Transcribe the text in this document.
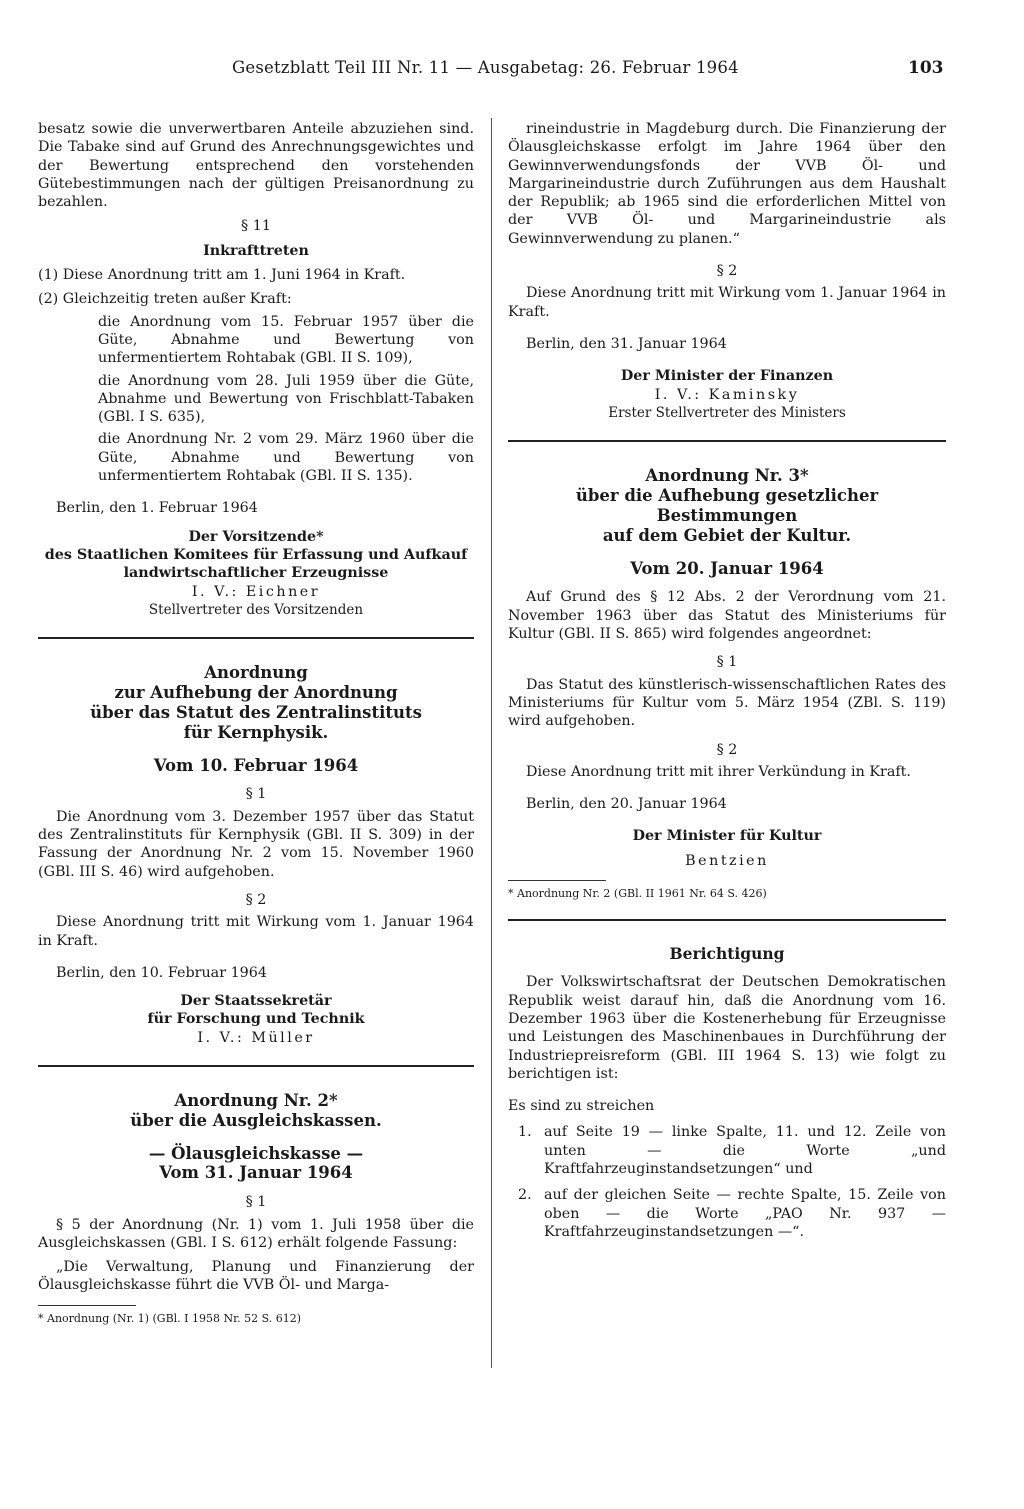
Gesetzblatt Teil III Nr. 11 — Ausgabetag: 26. Februar 1964	103

besatz sowie die unverwertbaren Anteile abzuziehen sind. Die Tabake sind auf Grund des Anrechnungsgewichtes und der Bewertung entsprechend den vorstehenden Gütebestimmungen nach der gültigen Preisanordnung zu bezahlen.

§ 11

Inkrafttreten

(1) Diese Anordnung tritt am 1. Juni 1964 in Kraft.

(2) Gleichzeitig treten außer Kraft:

die Anordnung vom 15. Februar 1957 über die Güte, Abnahme und Bewertung von unfermentiertem Rohtabak (GBl. II S. 109),

die Anordnung vom 28. Juli 1959 über die Güte, Abnahme und Bewertung von Frischblatt-Tabaken (GBl. I S. 635),

die Anordnung Nr. 2 vom 29. März 1960 über die Güte, Abnahme und Bewertung von unfermentiertem Rohtabak (GBl. II S. 135).

Berlin, den 1. Februar 1964

Der Vorsitzende*

des Staatlichen Komitees für Erfassung und Aufkauf

landwirtschaftlicher Erzeugnisse

I. V.: Eichner

Stellvertreter des Vorsitzenden

Anordnung

zur Aufhebung der Anordnung

über das Statut des Zentralinstituts

für Kernphysik.

Vom 10. Februar 1964

§ 1

Die Anordnung vom 3. Dezember 1957 über das Statut des Zentralinstituts für Kernphysik (GBl. II S. 309) in der Fassung der Anordnung Nr. 2 vom 15. November 1960 (GBl. III S. 46) wird aufgehoben.

§ 2

Diese Anordnung tritt mit Wirkung vom 1. Januar 1964 in Kraft.

Berlin, den 10. Februar 1964

Der Staatssekretär

für Forschung und Technik

I. V.: Müller

Anordnung Nr. 2*

über die Ausgleichskassen.

— Ölausgleichskasse —

Vom 31. Januar 1964

§ 1

§ 5 der Anordnung (Nr. 1) vom 1. Juli 1958 über die Ausgleichskassen (GBl. I S. 612) erhält folgende Fassung:

„Die Verwaltung, Planung und Finanzierung der Ölausgleichskasse führt die VVB Öl- und Marga-

* Anordnung (Nr. 1) (GBl. I 1958 Nr. 52 S. 612)

rineindustrie in Magdeburg durch. Die Finanzierung der Ölausgleichskasse erfolgt im Jahre 1964 über den Gewinnverwendungsfonds der VVB Öl- und Margarineindustrie durch Zuführungen aus dem Haushalt der Republik; ab 1965 sind die erforderlichen Mittel von der VVB Öl- und Margarineindustrie als Gewinnverwendung zu planen.“

§ 2

Diese Anordnung tritt mit Wirkung vom 1. Januar 1964 in Kraft.

Berlin, den 31. Januar 1964

Der Minister der Finanzen

I. V.: Kaminsky

Erster Stellvertreter des Ministers

Anordnung Nr. 3*

über die Aufhebung gesetzlicher Bestimmungen

auf dem Gebiet der Kultur.

Vom 20. Januar 1964

Auf Grund des § 12 Abs. 2 der Verordnung vom 21. November 1963 über das Statut des Ministeriums für Kultur (GBl. II S. 865) wird folgendes angeordnet:

§ 1

Das Statut des künstlerisch-wissenschaftlichen Rates des Ministeriums für Kultur vom 5. März 1954 (ZBl. S. 119) wird aufgehoben.

§ 2

Diese Anordnung tritt mit ihrer Verkündung in Kraft.

Berlin, den 20. Januar 1964

Der Minister für Kultur

Bentzien

* Anordnung Nr. 2 (GBl. II 1961 Nr. 64 S. 426)

Berichtigung

Der Volkswirtschaftsrat der Deutschen Demokratischen Republik weist darauf hin, daß die Anordnung vom 16. Dezember 1963 über die Kostenerhebung für Erzeugnisse und Leistungen des Maschinenbaues in Durchführung der Industriepreisreform (GBl. III 1964 S. 13) wie folgt zu berichtigen ist:

Es sind zu streichen

1. auf Seite 19 — linke Spalte, 11. und 12. Zeile von unten — die Worte „und Kraftfahrzeuginstandsetzungen“ und
2. auf der gleichen Seite — rechte Spalte, 15. Zeile von oben — die Worte „PAO Nr. 937 — Kraftfahrzeuginstandsetzungen —“.
